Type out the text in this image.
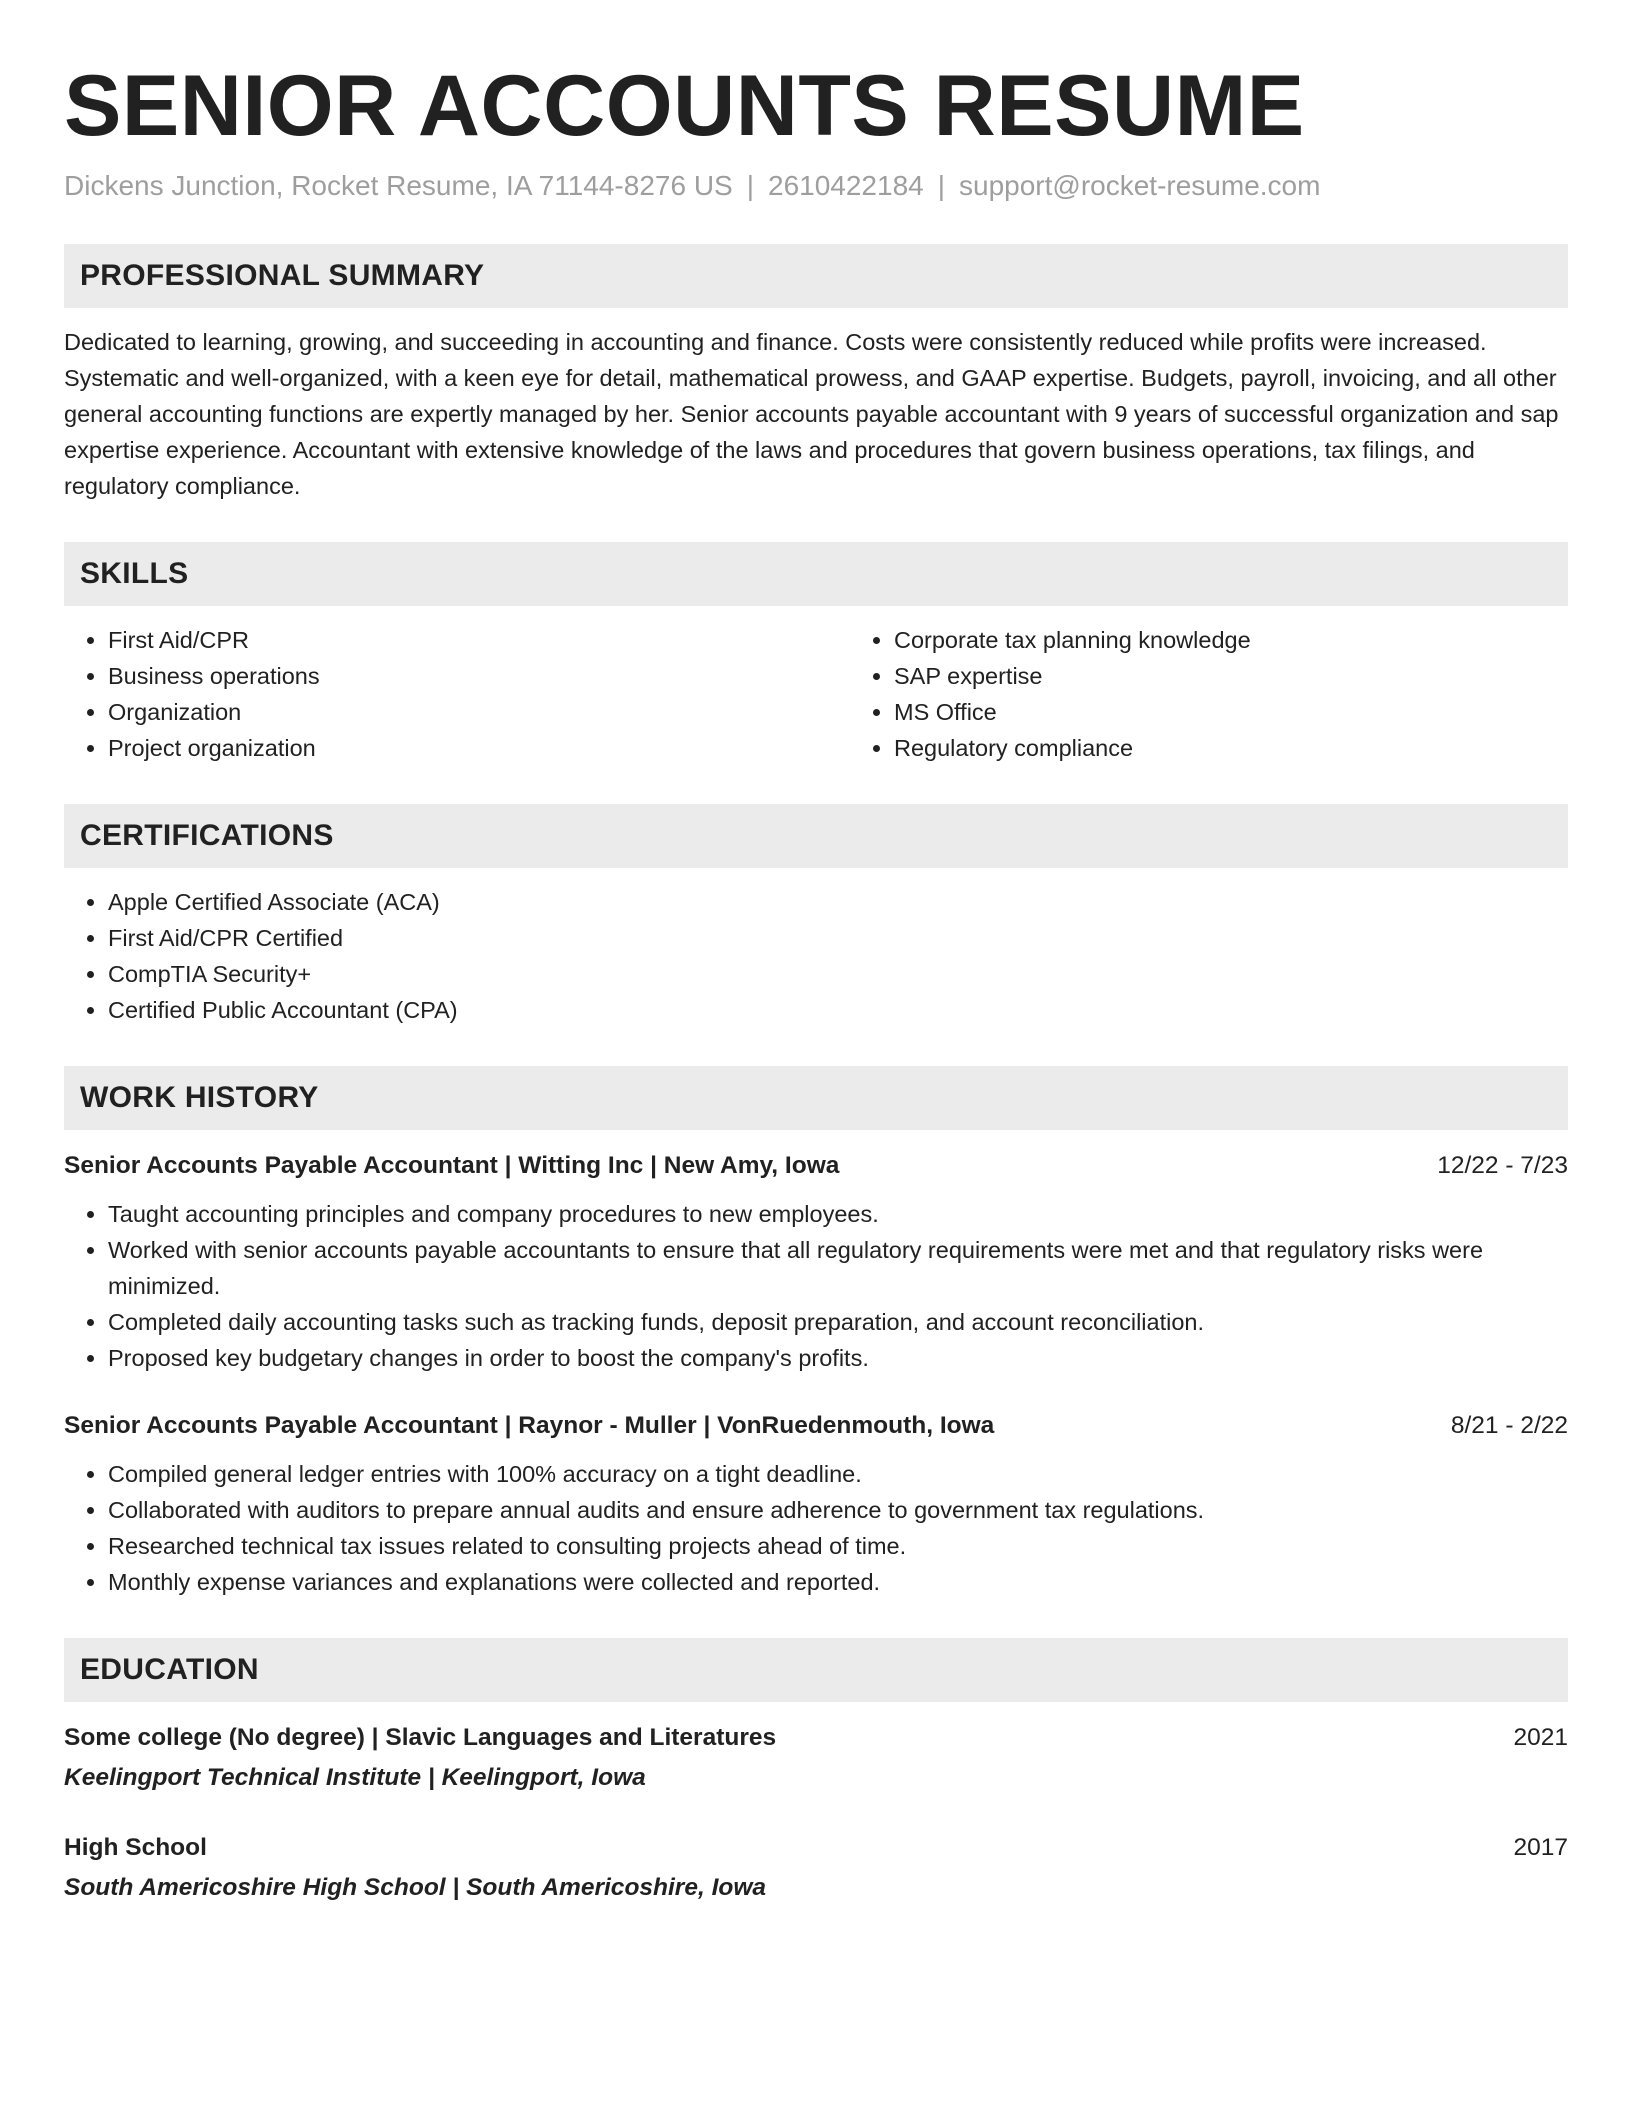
SENIOR ACCOUNTS RESUME
Dickens Junction, Rocket Resume, IA 71144-8276 US | 2610422184 | support@rocket-resume.com
PROFESSIONAL SUMMARY

Dedicated to learning, growing, and succeeding in accounting and finance. Costs were consistently reduced while profits were increased. Systematic and well-organized, with a keen eye for detail, mathematical prowess, and GAAP expertise. Budgets, payroll, invoicing, and all other general accounting functions are expertly managed by her. Senior accounts payable accountant with 9 years of successful organization and sap expertise experience. Accountant with extensive knowledge of the laws and procedures that govern business operations, tax filings, and regulatory compliance.

SKILLS
• First Aid/CPR
• Business operations
• Organization
• Project organization
• Corporate tax planning knowledge
• SAP expertise
• MS Office
• Regulatory compliance
CERTIFICATIONS
• Apple Certified Associate (ACA)
• First Aid/CPR Certified
• CompTIA Security+
• Certified Public Accountant (CPA)
WORK HISTORY
Senior Accounts Payable Accountant | Witting Inc | New Amy, Iowa	12/22 - 7/23
• Taught accounting principles and company procedures to new employees.
• Worked with senior accounts payable accountants to ensure that all regulatory requirements were met and that regulatory risks were minimized.
• Completed daily accounting tasks such as tracking funds, deposit preparation, and account reconciliation.
• Proposed key budgetary changes in order to boost the company's profits.
Senior Accounts Payable Accountant | Raynor - Muller | VonRuedenmouth, Iowa	8/21 - 2/22
• Compiled general ledger entries with 100% accuracy on a tight deadline.
• Collaborated with auditors to prepare annual audits and ensure adherence to government tax regulations.
• Researched technical tax issues related to consulting projects ahead of time.
• Monthly expense variances and explanations were collected and reported.
EDUCATION
Some college (No degree) | Slavic Languages and Literatures	2021
Keelingport Technical Institute | Keelingport, Iowa
High School	2017
South Americoshire High School | South Americoshire, Iowa
